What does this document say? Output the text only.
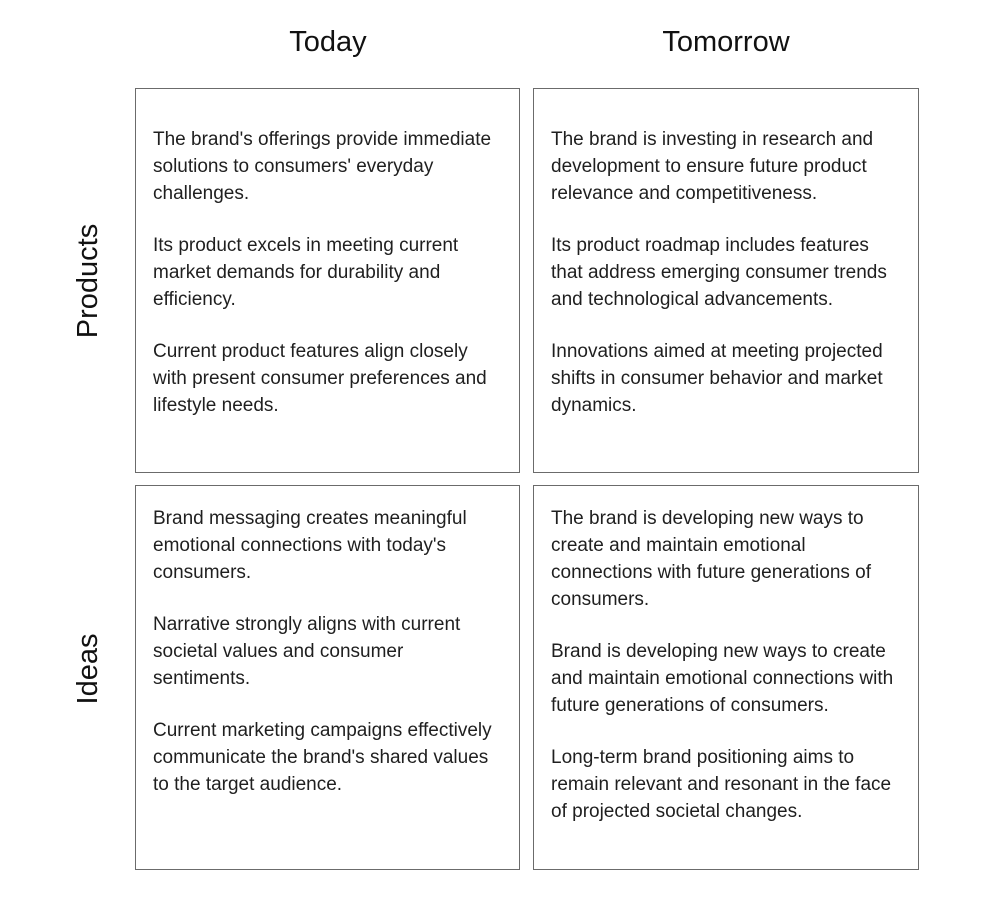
Today	Tomorrow
Products
Ideas

The brand's offerings provide immediate solutions to consumers' everyday challenges.

Its product excels in meeting current market demands for durability and efficiency.

Current product features align closely with present consumer preferences and lifestyle needs.

The brand is investing in research and development to ensure future product relevance and competitiveness.

Its product roadmap includes features that address emerging consumer trends and technological advancements.

Innovations aimed at meeting projected shifts in consumer behavior and market dynamics.

Brand messaging creates meaningful emotional connections with today's consumers.

Narrative strongly aligns with current societal values and consumer sentiments.

Current marketing campaigns effectively communicate the brand's shared values to the target audience.

The brand is developing new ways to create and maintain emotional connections with future generations of consumers.

Brand is developing new ways to create and maintain emotional connections with future generations of consumers.

Long-term brand positioning aims to remain relevant and resonant in the face of projected societal changes.
